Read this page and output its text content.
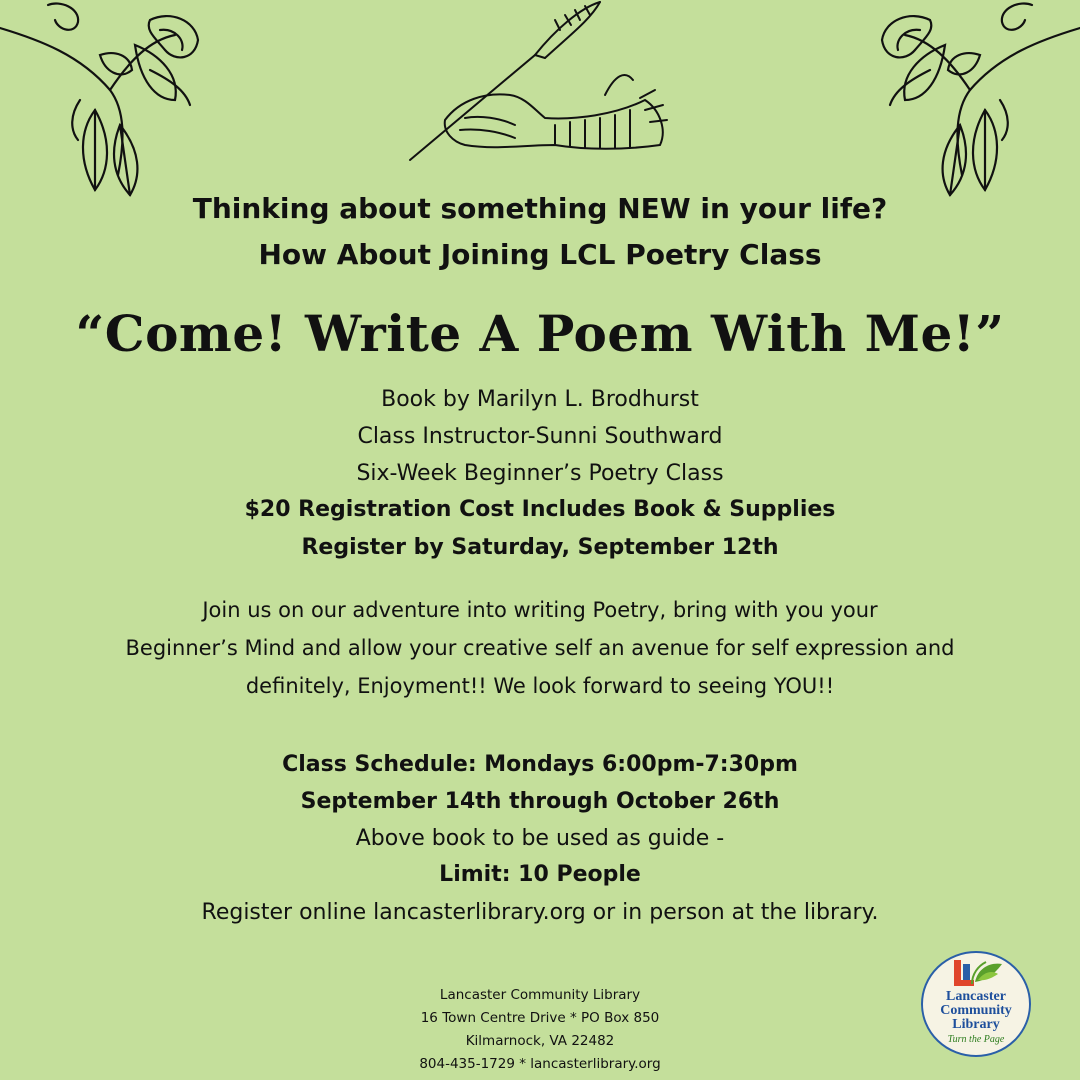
Thinking about something NEW in your life?
How About Joining LCL Poetry Class
“Come! Write A Poem With Me!”
Book by Marilyn L. Brodhurst
Class Instructor-Sunni Southward
Six-Week Beginner’s Poetry Class
$20 Registration Cost Includes Book & Supplies
Register by Saturday, September 12th
Join us on our adventure into writing Poetry, bring with you your
Beginner’s Mind and allow your creative self an avenue for self expression and
definitely, Enjoyment!! We look forward to seeing YOU!!
Class Schedule: Mondays 6:00pm-7:30pm
September 14th through October 26th
Above book to be used as guide -
Limit: 10 People
Register online lancasterlibrary.org or in person at the library.
Lancaster Community Library
16 Town Centre Drive * PO Box 850
Kilmarnock, VA 22482
804-435-1729 * lancasterlibrary.org
Lancaster
Community
Library
Turn the Page
